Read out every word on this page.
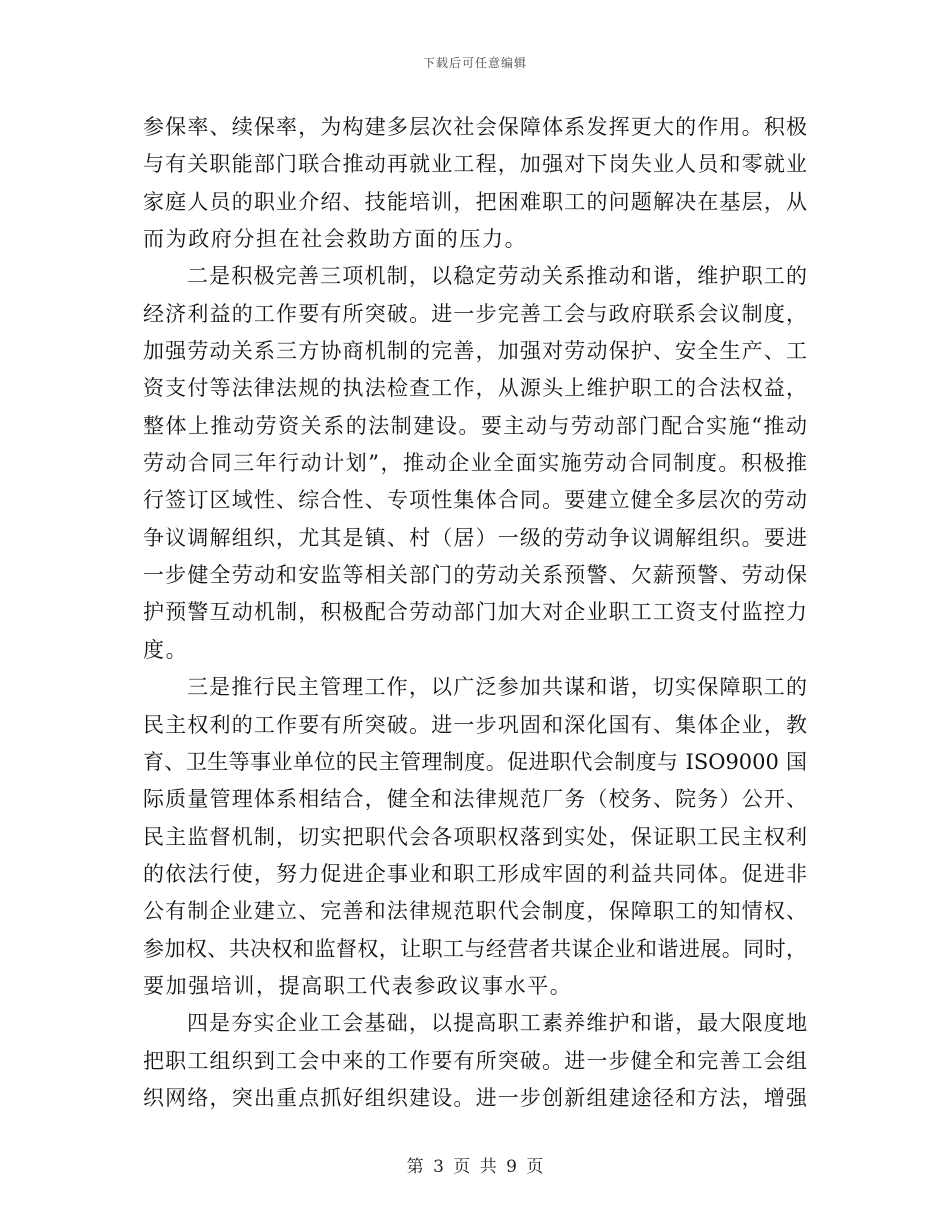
下载后可任意编辑
参保率、续保率，为构建多层次社会保障体系发挥更大的作用。积极
与有关职能部门联合推动再就业工程，加强对下岗失业人员和零就业
家庭人员的职业介绍、技能培训，把困难职工的问题解决在基层，从
而为政府分担在社会救助方面的压力。
二是积极完善三项机制，以稳定劳动关系推动和谐，维护职工的
经济利益的工作要有所突破。进一步完善工会与政府联系会议制度，
加强劳动关系三方协商机制的完善，加强对劳动保护、安全生产、工
资支付等法律法规的执法检查工作，从源头上维护职工的合法权益，
整体上推动劳资关系的法制建设。要主动与劳动部门配合实施“推动
劳动合同三年行动计划”，推动企业全面实施劳动合同制度。积极推
行签订区域性、综合性、专项性集体合同。要建立健全多层次的劳动
争议调解组织，尤其是镇、村（居）一级的劳动争议调解组织。要进
一步健全劳动和安监等相关部门的劳动关系预警、欠薪预警、劳动保
护预警互动机制，积极配合劳动部门加大对企业职工工资支付监控力
度。
三是推行民主管理工作，以广泛参加共谋和谐，切实保障职工的
民主权利的工作要有所突破。进一步巩固和深化国有、集体企业，教
育、卫生等事业单位的民主管理制度。促进职代会制度与 ISO9000 国
际质量管理体系相结合，健全和法律规范厂务（校务、院务）公开、
民主监督机制，切实把职代会各项职权落到实处，保证职工民主权利
的依法行使，努力促进企事业和职工形成牢固的利益共同体。促进非
公有制企业建立、完善和法律规范职代会制度，保障职工的知情权、
参加权、共决权和监督权，让职工与经营者共谋企业和谐进展。同时，
要加强培训，提高职工代表参政议事水平。
四是夯实企业工会基础，以提高职工素养维护和谐，最大限度地
把职工组织到工会中来的工作要有所突破。进一步健全和完善工会组
织网络，突出重点抓好组织建设。进一步创新组建途径和方法，增强
第 3 页 共 9 页
